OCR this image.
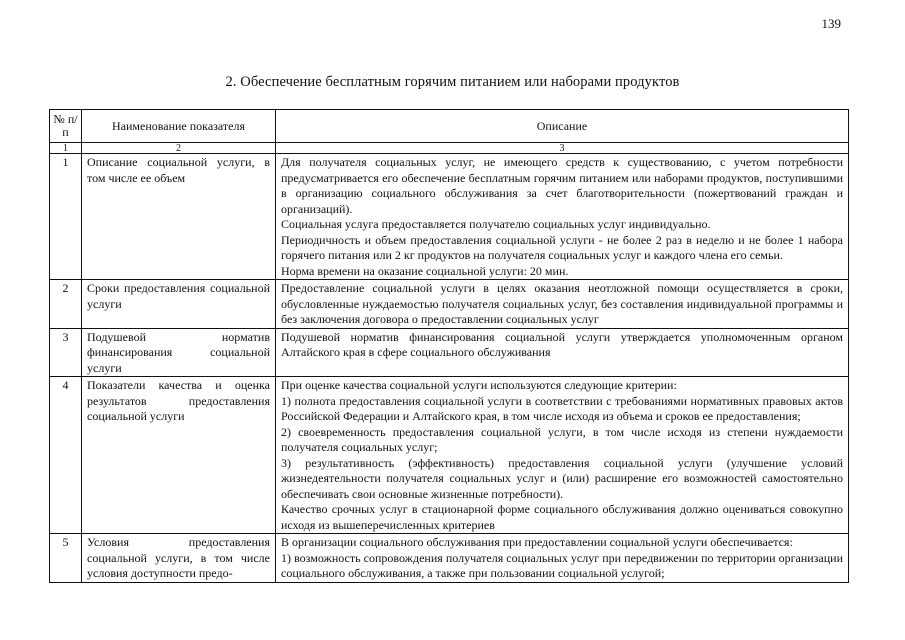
139
2. Обеспечение бесплатным горячим питанием или наборами продуктов
№ п/п	Наименование показателя	Описание
1	2	3
1	Описание социальной услуги, в том числе ее объем	Для получателя социальных услуг, не имеющего средств к существованию, с учетом потребности предусматривается его обеспечение бесплатным горячим питанием или наборами продуктов, поступившими в организацию социального обслуживания за счет благотворительности (пожертвований граждан и организаций).
Социальная услуга предоставляется получателю социальных услуг индивидуально.
Периодичность и объем предоставления социальной услуги - не более 2 раз в неделю и не более 1 набора горячего питания или 2 кг продуктов на получателя социальных услуг и каждого члена его семьи.
Норма времени на оказание социальной услуги: 20 мин.

2	Сроки предоставления социальной услуги	Предоставление социальной услуги в целях оказания неотложной помощи осуществляется в сроки, обусловленные нуждаемостью получателя социальных услуг, без составления индивидуальной программы и без заключения договора о предоставлении социальных услуг

3	Подушевой норматив финансирования социальной услуги	Подушевой норматив финансирования социальной услуги утверждается уполномоченным органом Алтайского края в сфере социального обслуживания

4	Показатели качества и оценка результатов предоставления социальной услуги	При оценке качества социальной услуги используются следующие критерии:
1) полнота предоставления социальной услуги в соответствии с требованиями нормативных правовых актов Российской Федерации и Алтайского края, в том числе исходя из объема и сроков ее предоставления;
2) своевременность предоставления социальной услуги, в том числе исходя из степени нуждаемости получателя социальных услуг;
3) результативность (эффективность) предоставления социальной услуги (улучшение условий жизнедеятельности получателя социальных услуг и (или) расширение его возможностей самостоятельно обеспечивать свои основные жизненные потребности).
Качество срочных услуг в стационарной форме социального обслуживания должно оцениваться совокупно исходя из вышеперечисленных критериев

5	Условия предоставления социальной услуги, в том числе условия доступности предо-	В организации социального обслуживания при предоставлении социальной услуги обеспечивается:
1) возможность сопровождения получателя социальных услуг при передвижении по территории организации социального обслуживания, а также при пользовании социальной услугой;
